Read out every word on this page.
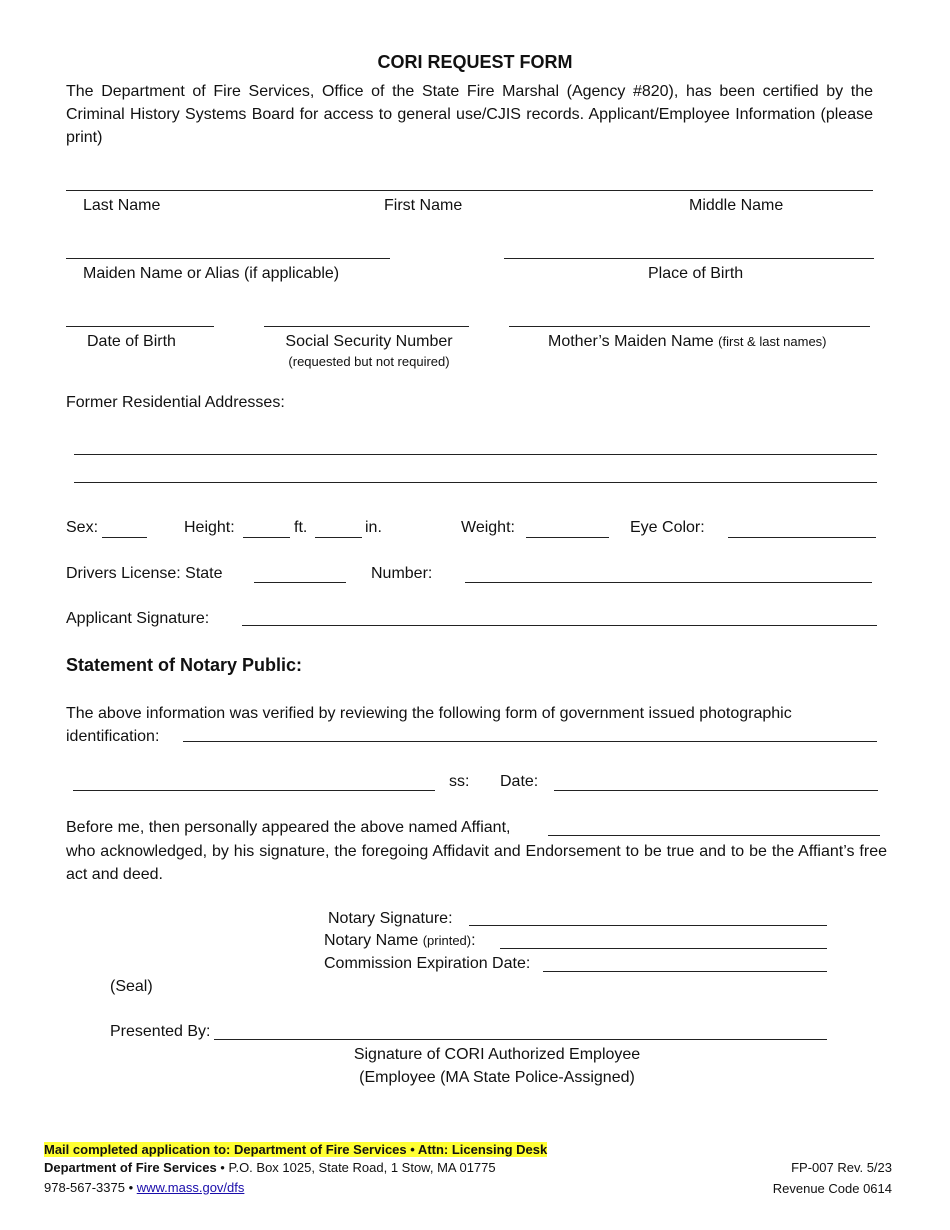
CORI REQUEST FORM
The Department of Fire Services, Office of the State Fire Marshal (Agency #820), has been certified by the Criminal History Systems Board for access to general use/CJIS records. Applicant/Employee Information (please print)
Last Name	First Name	Middle Name
Maiden Name or Alias (if applicable)	Place of Birth
Date of Birth	Social Security Number
(requested but not required)
Mother’s Maiden Name (first & last names)
Former Residential Addresses:
Sex:	Height:	ft.	in.	Weight:	Eye Color:
Drivers License: State	Number:
Applicant Signature:
Statement of Notary Public:
The above information was verified by reviewing the following form of government issued photographic
identification:
ss: Date:
Before me, then personally appeared the above named Affiant,
who acknowledged, by his signature, the foregoing Affidavit and Endorsement to be true and to be the Affiant’s free act and deed.
Notary Signature:
Notary Name (printed):
Commission Expiration Date:
(Seal)
Presented By:
Signature of CORI Authorized Employee
(Employee (MA State Police-Assigned)
Mail completed application to: Department of Fire Services • Attn: Licensing Desk
Department of Fire Services • P.O. Box 1025, State Road, 1 Stow, MA 01775
978-567-3375 • www.mass.gov/dfs
FP-007 Rev. 5/23
Revenue Code 0614
